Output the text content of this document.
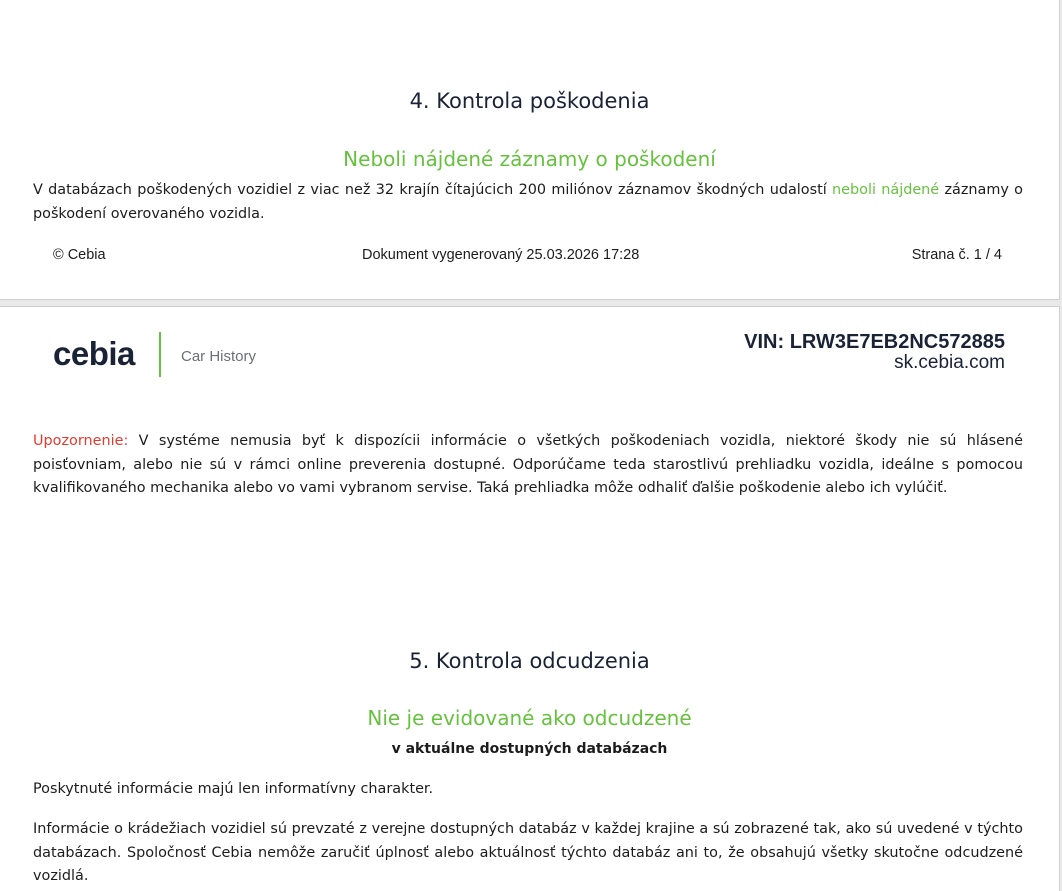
4. Kontrola poškodenia
Neboli nájdené záznamy o poškodení
V databázach poškodených vozidiel z viac než 32 krajín čítajúcich 200 miliónov záznamov škodných udalostí neboli nájdené záznamy o poškodení overovaného vozidla.
© Cebia	Dokument vygenerovaný 25.03.2026 17:28	Strana č. 1 / 4
cebia	Car History
VIN: LRW3E7EB2NC572885
sk.cebia.com
Upozornenie: V systéme nemusia byť k dispozícii informácie o všetkých poškodeniach vozidla, niektoré škody nie sú hlásené poisťovniam, alebo nie sú v rámci online preverenia dostupné. Odporúčame teda starostlivú prehliadku vozidla, ideálne s pomocou kvalifikovaného mechanika alebo vo vami vybranom servise. Taká prehliadka môže odhaliť ďalšie poškodenie alebo ich vylúčiť.
5. Kontrola odcudzenia
Nie je evidované ako odcudzené
v aktuálne dostupných databázach
Poskytnuté informácie majú len informatívny charakter.
Informácie o krádežiach vozidiel sú prevzaté z verejne dostupných databáz v každej krajine a sú zobrazené tak, ako sú uvedené v týchto databázach. Spoločnosť Cebia nemôže zaručiť úplnosť alebo aktuálnosť týchto databáz ani to, že obsahujú všetky skutočne odcudzené vozidlá.
